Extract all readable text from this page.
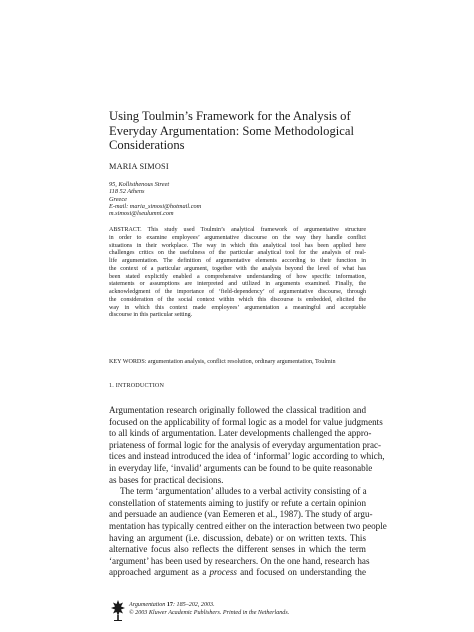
Using Toulmin’s Framework for the Analysis of
Everyday Argumentation: Some Methodological
Considerations
MARIA SIMOSI
95, Kollisthenous Street
118 52 Athens
Greece
E-mail: maria_simosi@hotmail.com
m.simosi@lseulumni.com
ABSTRACT. This study used Toulmin’s analytical framework of argumentative structure
in order to examine employees’ argumentative discourse on the way they handle conflict
situations in their workplace. The way in which this analytical tool has been applied here
challenges critics on the usefulness of the particular analytical tool for the analysis of real-
life argumentation. The definition of argumentative elements according to their function in
the context of a particular argument, together with the analysis beyond the level of what has
been stated explicitly enabled a comprehensive understanding of how specific information,
statements or assumptions are interpreted and utilized in arguments examined. Finally, the
acknowledgment of the importance of ‘field-dependency’ of argumentative discourse, through
the consideration of the social context within which this discourse is embedded, elicited the
way in which this context made employees’ argumentation a meaningful and acceptable
discourse in this particular setting.
KEY WORDS: argumentation analysis, conflict resolution, ordinary argumentation, Toulmin
1. INTRODUCTION
Argumentation research originally followed the classical tradition and
focused on the applicability of formal logic as a model for value judgments
to all kinds of argumentation. Later developments challenged the appro-
priateness of formal logic for the analysis of everyday argumentation prac-
tices and instead introduced the idea of ‘informal’ logic according to which,
in everyday life, ‘invalid’ arguments can be found to be quite reasonable
as bases for practical decisions.
The term ‘argumentation’ alludes to a verbal activity consisting of a
constellation of statements aiming to justify or refute a certain opinion
and persuade an audience (van Eemeren et al., 1987). The study of argu-
mentation has typically centred either on the interaction between two people
having an argument (i.e. discussion, debate) or on written texts. This
alternative focus also reflects the different senses in which the term
‘argument’ has been used by researchers. On the one hand, research has
approached argument as a process and focused on understanding the
Argumentation 17: 185–202, 2003.
© 2003 Kluwer Academic Publishers. Printed in the Netherlands.
